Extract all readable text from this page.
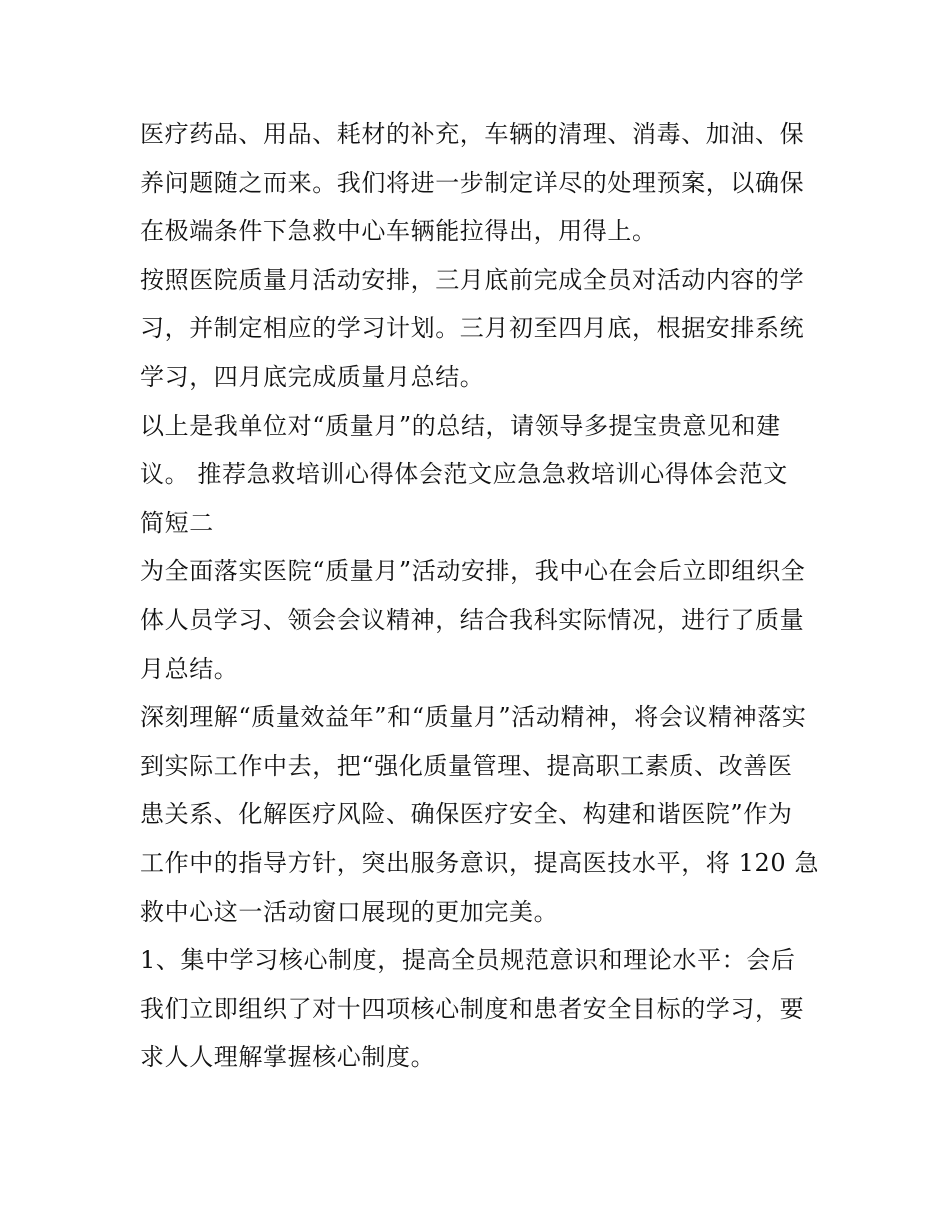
医疗药品、用品、耗材的补充，车辆的清理、消毒、加油、保

养问题随之而来。我们将进一步制定详尽的处理预案，以确保

在极端条件下急救中心车辆能拉得出，用得上。

按照医院质量月活动安排，三月底前完成全员对活动内容的学

习，并制定相应的学习计划。三月初至四月底，根据安排系统

学习，四月底完成质量月总结。

以上是我单位对“质量月”的总结，请领导多提宝贵意见和建

议。 推荐急救培训心得体会范文应急急救培训心得体会范文

简短二

为全面落实医院“质量月”活动安排，我中心在会后立即组织全

体人员学习、领会会议精神，结合我科实际情况，进行了质量

月总结。

深刻理解“质量效益年”和“质量月”活动精神，将会议精神落实

到实际工作中去，把“强化质量管理、提高职工素质、改善医

患关系、化解医疗风险、确保医疗安全、构建和谐医院”作为

工作中的指导方针，突出服务意识，提高医技水平，将 120 急

救中心这一活动窗口展现的更加完美。

1、集中学习核心制度，提高全员规范意识和理论水平：会后

我们立即组织了对十四项核心制度和患者安全目标的学习，要

求人人理解掌握核心制度。
